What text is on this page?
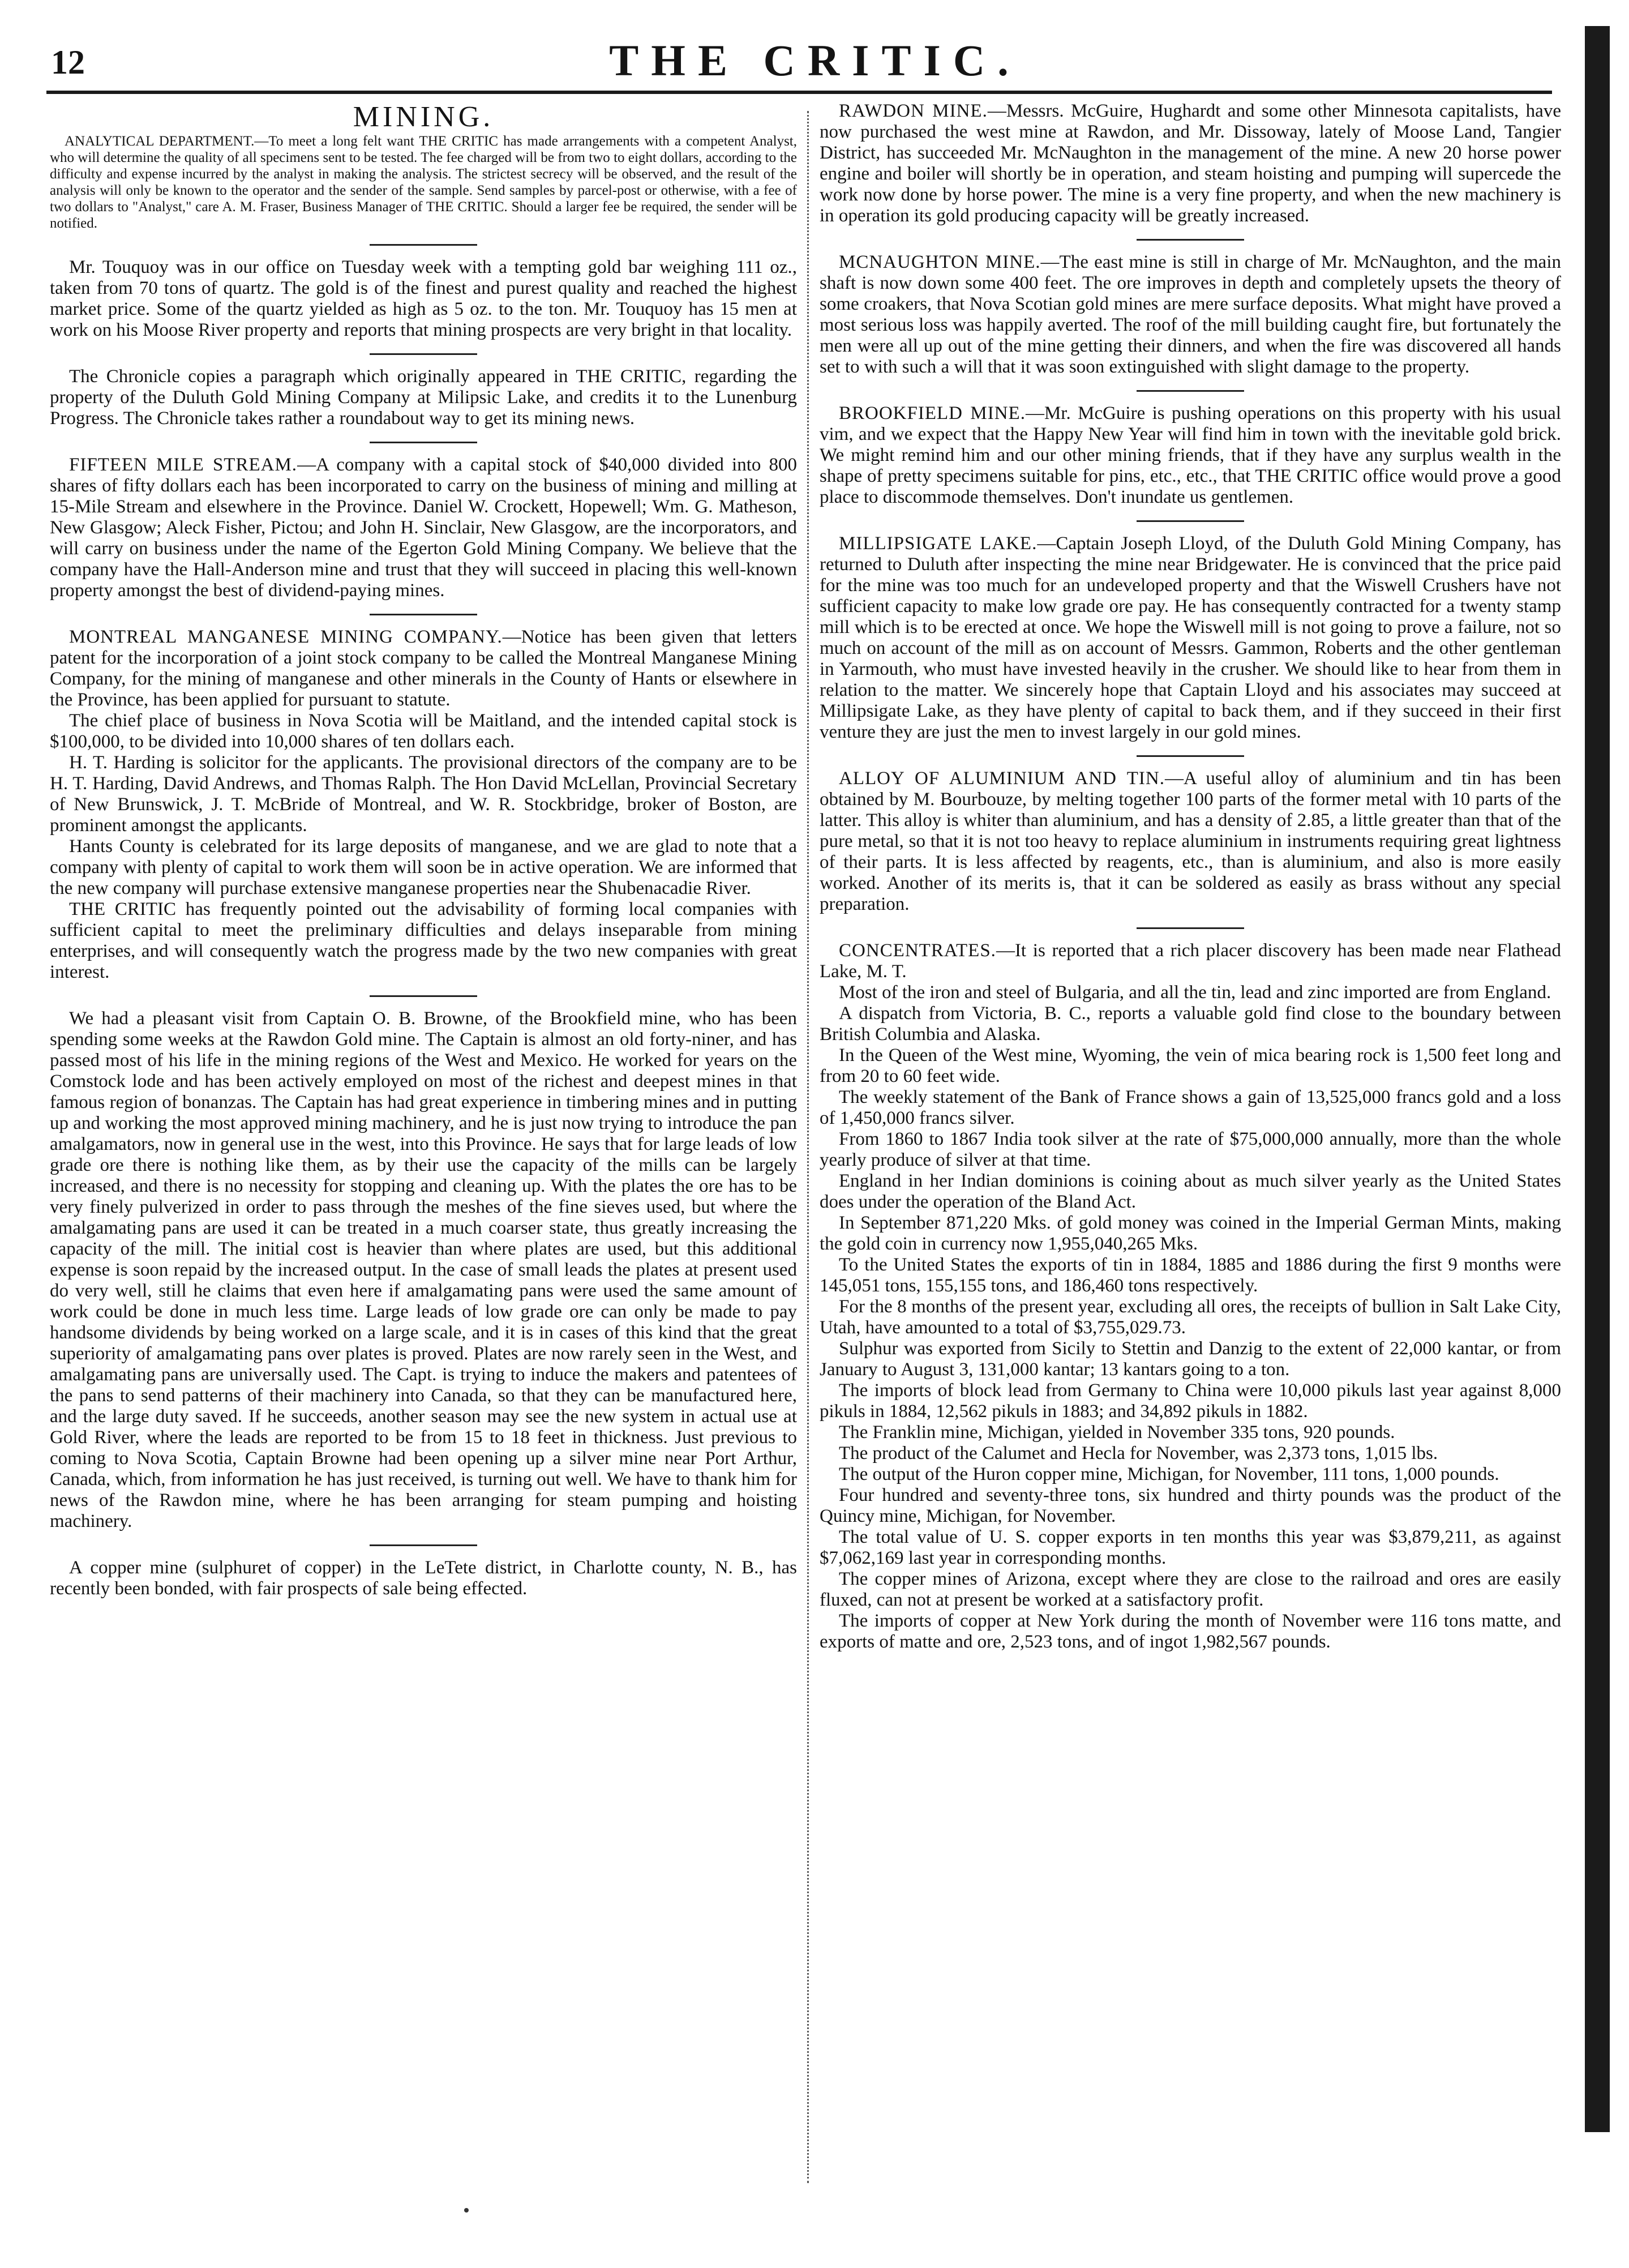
12	THE CRITIC.
MINING.

ANALYTICAL DEPARTMENT.—To meet a long felt want THE CRITIC has made arrangements with a competent Analyst, who will determine the quality of all specimens sent to be tested. The fee charged will be from two to eight dollars, according to the difficulty and expense incurred by the analyst in making the analysis. The strictest secrecy will be observed, and the result of the analysis will only be known to the operator and the sender of the sample. Send samples by parcel-post or otherwise, with a fee of two dollars to "Analyst," care A. M. Fraser, Business Manager of THE CRITIC. Should a larger fee be required, the sender will be notified.

Mr. Touquoy was in our office on Tuesday week with a tempting gold bar weighing 111 oz., taken from 70 tons of quartz. The gold is of the finest and purest quality and reached the highest market price. Some of the quartz yielded as high as 5 oz. to the ton. Mr. Touquoy has 15 men at work on his Moose River property and reports that mining prospects are very bright in that locality.

The Chronicle copies a paragraph which originally appeared in THE CRITIC, regarding the property of the Duluth Gold Mining Company at Milipsic Lake, and credits it to the Lunenburg Progress. The Chronicle takes rather a roundabout way to get its mining news.

FIFTEEN MILE STREAM.—A company with a capital stock of $40,000 divided into 800 shares of fifty dollars each has been incorporated to carry on the business of mining and milling at 15-Mile Stream and elsewhere in the Province. Daniel W. Crockett, Hopewell; Wm. G. Matheson, New Glasgow; Aleck Fisher, Pictou; and John H. Sinclair, New Glasgow, are the incorporators, and will carry on business under the name of the Egerton Gold Mining Company. We believe that the company have the Hall-Anderson mine and trust that they will succeed in placing this well-known property amongst the best of dividend-paying mines.

MONTREAL MANGANESE MINING COMPANY.—Notice has been given that letters patent for the incorporation of a joint stock company to be called the Montreal Manganese Mining Company, for the mining of manganese and other minerals in the County of Hants or elsewhere in the Province, has been applied for pursuant to statute.

The chief place of business in Nova Scotia will be Maitland, and the intended capital stock is $100,000, to be divided into 10,000 shares of ten dollars each.

H. T. Harding is solicitor for the applicants. The provisional directors of the company are to be H. T. Harding, David Andrews, and Thomas Ralph. The Hon David McLellan, Provincial Secretary of New Brunswick, J. T. McBride of Montreal, and W. R. Stockbridge, broker of Boston, are prominent amongst the applicants.

Hants County is celebrated for its large deposits of manganese, and we are glad to note that a company with plenty of capital to work them will soon be in active operation. We are informed that the new company will purchase extensive manganese properties near the Shubenacadie River.

THE CRITIC has frequently pointed out the advisability of forming local companies with sufficient capital to meet the preliminary difficulties and delays inseparable from mining enterprises, and will consequently watch the progress made by the two new companies with great interest.

We had a pleasant visit from Captain O. B. Browne, of the Brookfield mine, who has been spending some weeks at the Rawdon Gold mine. The Captain is almost an old forty-niner, and has passed most of his life in the mining regions of the West and Mexico. He worked for years on the Comstock lode and has been actively employed on most of the richest and deepest mines in that famous region of bonanzas. The Captain has had great experience in timbering mines and in putting up and working the most approved mining machinery, and he is just now trying to introduce the pan amalgamators, now in general use in the west, into this Province. He says that for large leads of low grade ore there is nothing like them, as by their use the capacity of the mills can be largely increased, and there is no necessity for stopping and cleaning up. With the plates the ore has to be very finely pulverized in order to pass through the meshes of the fine sieves used, but where the amalgamating pans are used it can be treated in a much coarser state, thus greatly increasing the capacity of the mill. The initial cost is heavier than where plates are used, but this additional expense is soon repaid by the increased output. In the case of small leads the plates at present used do very well, still he claims that even here if amalgamating pans were used the same amount of work could be done in much less time. Large leads of low grade ore can only be made to pay handsome dividends by being worked on a large scale, and it is in cases of this kind that the great superiority of amalgamating pans over plates is proved. Plates are now rarely seen in the West, and amalgamating pans are universally used. The Capt. is trying to induce the makers and patentees of the pans to send patterns of their machinery into Canada, so that they can be manufactured here, and the large duty saved. If he succeeds, another season may see the new system in actual use at Gold River, where the leads are reported to be from 15 to 18 feet in thickness. Just previous to coming to Nova Scotia, Captain Browne had been opening up a silver mine near Port Arthur, Canada, which, from information he has just received, is turning out well. We have to thank him for news of the Rawdon mine, where he has been arranging for steam pumping and hoisting machinery.

A copper mine (sulphuret of copper) in the LeTete district, in Charlotte county, N. B., has recently been bonded, with fair prospects of sale being effected.

RAWDON MINE.—Messrs. McGuire, Hughardt and some other Minnesota capitalists, have now purchased the west mine at Rawdon, and Mr. Dissoway, lately of Moose Land, Tangier District, has succeeded Mr. McNaughton in the management of the mine. A new 20 horse power engine and boiler will shortly be in operation, and steam hoisting and pumping will supercede the work now done by horse power. The mine is a very fine property, and when the new machinery is in operation its gold producing capacity will be greatly increased.

MCNAUGHTON MINE.—The east mine is still in charge of Mr. McNaughton, and the main shaft is now down some 400 feet. The ore improves in depth and completely upsets the theory of some croakers, that Nova Scotian gold mines are mere surface deposits. What might have proved a most serious loss was happily averted. The roof of the mill building caught fire, but fortunately the men were all up out of the mine getting their dinners, and when the fire was discovered all hands set to with such a will that it was soon extinguished with slight damage to the property.

BROOKFIELD MINE.—Mr. McGuire is pushing operations on this property with his usual vim, and we expect that the Happy New Year will find him in town with the inevitable gold brick. We might remind him and our other mining friends, that if they have any surplus wealth in the shape of pretty specimens suitable for pins, etc., etc., that THE CRITIC office would prove a good place to discommode themselves. Don't inundate us gentlemen.

MILLIPSIGATE LAKE.—Captain Joseph Lloyd, of the Duluth Gold Mining Company, has returned to Duluth after inspecting the mine near Bridgewater. He is convinced that the price paid for the mine was too much for an undeveloped property and that the Wiswell Crushers have not sufficient capacity to make low grade ore pay. He has consequently contracted for a twenty stamp mill which is to be erected at once. We hope the Wiswell mill is not going to prove a failure, not so much on account of the mill as on account of Messrs. Gammon, Roberts and the other gentleman in Yarmouth, who must have invested heavily in the crusher. We should like to hear from them in relation to the matter. We sincerely hope that Captain Lloyd and his associates may succeed at Millipsigate Lake, as they have plenty of capital to back them, and if they succeed in their first venture they are just the men to invest largely in our gold mines.

ALLOY OF ALUMINIUM AND TIN.—A useful alloy of aluminium and tin has been obtained by M. Bourbouze, by melting together 100 parts of the former metal with 10 parts of the latter. This alloy is whiter than aluminium, and has a density of 2.85, a little greater than that of the pure metal, so that it is not too heavy to replace aluminium in instruments requiring great lightness of their parts. It is less affected by reagents, etc., than is aluminium, and also is more easily worked. Another of its merits is, that it can be soldered as easily as brass without any special preparation.

CONCENTRATES.—It is reported that a rich placer discovery has been made near Flathead Lake, M. T.

Most of the iron and steel of Bulgaria, and all the tin, lead and zinc imported are from England.

A dispatch from Victoria, B. C., reports a valuable gold find close to the boundary between British Columbia and Alaska.

In the Queen of the West mine, Wyoming, the vein of mica bearing rock is 1,500 feet long and from 20 to 60 feet wide.

The weekly statement of the Bank of France shows a gain of 13,525,000 francs gold and a loss of 1,450,000 francs silver.

From 1860 to 1867 India took silver at the rate of $75,000,000 annually, more than the whole yearly produce of silver at that time.

England in her Indian dominions is coining about as much silver yearly as the United States does under the operation of the Bland Act.

In September 871,220 Mks. of gold money was coined in the Imperial German Mints, making the gold coin in currency now 1,955,040,265 Mks.

To the United States the exports of tin in 1884, 1885 and 1886 during the first 9 months were 145,051 tons, 155,155 tons, and 186,460 tons respectively.

For the 8 months of the present year, excluding all ores, the receipts of bullion in Salt Lake City, Utah, have amounted to a total of $3,755,029.73.

Sulphur was exported from Sicily to Stettin and Danzig to the extent of 22,000 kantar, or from January to August 3, 131,000 kantar; 13 kantars going to a ton.

The imports of block lead from Germany to China were 10,000 pikuls last year against 8,000 pikuls in 1884, 12,562 pikuls in 1883; and 34,892 pikuls in 1882.

The Franklin mine, Michigan, yielded in November 335 tons, 920 pounds.

The product of the Calumet and Hecla for November, was 2,373 tons, 1,015 lbs.

The output of the Huron copper mine, Michigan, for November, 111 tons, 1,000 pounds.

Four hundred and seventy-three tons, six hundred and thirty pounds was the product of the Quincy mine, Michigan, for November.

The total value of U. S. copper exports in ten months this year was $3,879,211, as against $7,062,169 last year in corresponding months.

The copper mines of Arizona, except where they are close to the railroad and ores are easily fluxed, can not at present be worked at a satisfactory profit.

The imports of copper at New York during the month of November were 116 tons matte, and exports of matte and ore, 2,523 tons, and of ingot 1,982,567 pounds.
